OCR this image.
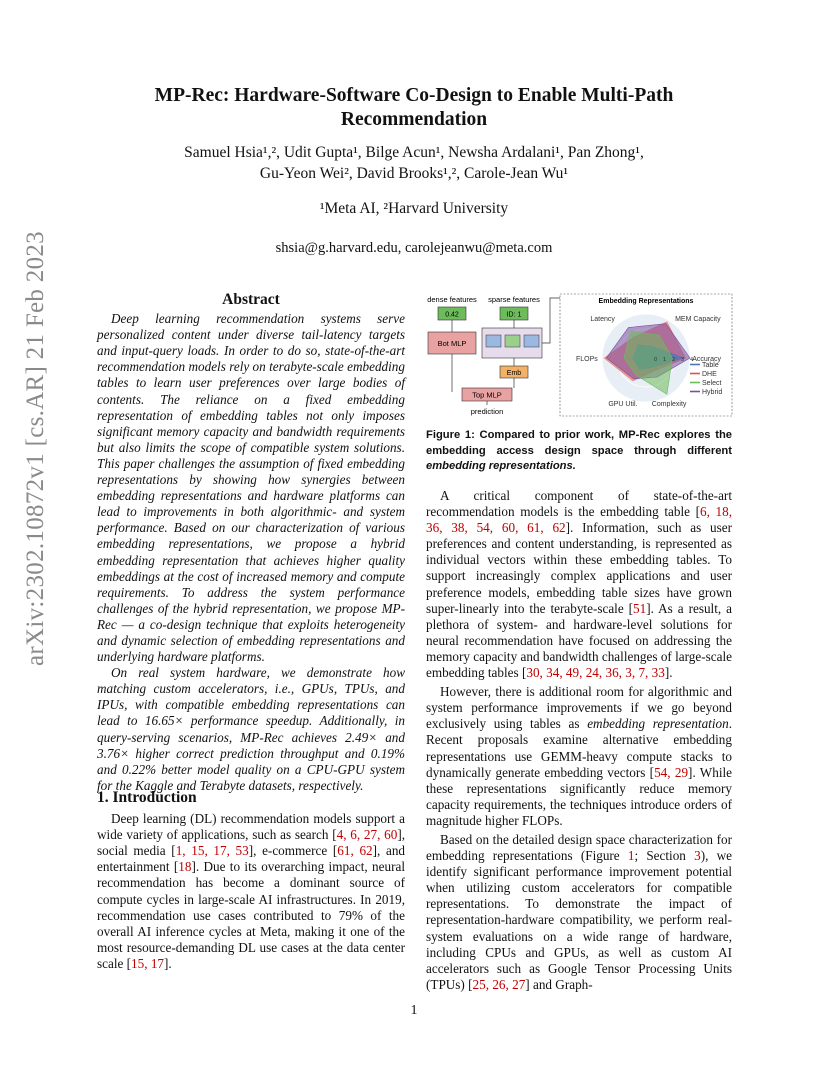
arXiv:2302.10872v1 [cs.AR] 21 Feb 2023
MP-Rec: Hardware-Software Co-Design to Enable Multi-Path
Recommendation
Samuel Hsia¹,², Udit Gupta¹, Bilge Acun¹, Newsha Ardalani¹, Pan Zhong¹,
Gu-Yeon Wei², David Brooks¹,², Carole-Jean Wu¹
¹Meta AI, ²Harvard University
shsia@g.harvard.edu, carolejeanwu@meta.com
Abstract

Deep learning recommendation systems serve personalized content under diverse tail-latency targets and input-query loads. In order to do so, state-of-the-art recommendation models rely on terabyte-scale embedding tables to learn user preferences over large bodies of contents. The reliance on a fixed embedding representation of embedding tables not only imposes significant memory capacity and bandwidth requirements but also limits the scope of compatible system solutions. This paper challenges the assumption of fixed embedding representations by showing how synergies between embedding representations and hardware platforms can lead to improvements in both algorithmic- and system performance. Based on our characterization of various embedding representations, we propose a hybrid embedding representation that achieves higher quality embeddings at the cost of increased memory and compute requirements. To address the system performance challenges of the hybrid representation, we propose MP-Rec — a co-design technique that exploits heterogeneity and dynamic selection of embedding representations and underlying hardware platforms.

On real system hardware, we demonstrate how matching custom accelerators, i.e., GPUs, TPUs, and IPUs, with compatible embedding representations can lead to 16.65× performance speedup. Additionally, in query-serving scenarios, MP-Rec achieves 2.49× and 3.76× higher correct prediction throughput and 0.19% and 0.22% better model quality on a CPU-GPU system for the Kaggle and Terabyte datasets, respectively.

1. Introduction

Deep learning (DL) recommendation models support a wide variety of applications, such as search [4, 6, 27, 60], social media [1, 15, 17, 53], e-commerce [61, 62], and entertainment [18]. Due to its overarching impact, neural recommendation has become a dominant source of compute cycles in large-scale AI infrastructures. In 2019, recommendation use cases contributed to 79% of the overall AI inference cycles at Meta, making it one of the most resource-demanding DL use cases at the data center scale [15, 17].

dense features sparse features
0.42	ID: 1
Bot MLP
Emb
Top MLP
prediction
Embedding Representations
Latency	MEM Capacity
Accuracy
Complexity
GPU Util.
FLOPs	0 1 2 3 4
Table
DHE
Select
Hybrid
Figure 1: Compared to prior work, MP-Rec explores the embedding access design space through different embedding representations.

A critical component of state-of-the-art recommendation models is the embedding table [6, 18, 36, 38, 54, 60, 61, 62]. Information, such as user preferences and content understanding, is represented as individual vectors within these embedding tables. To support increasingly complex applications and user preference models, embedding table sizes have grown super-linearly into the terabyte-scale [51]. As a result, a plethora of system- and hardware-level solutions for neural recommendation have focused on addressing the memory capacity and bandwidth challenges of large-scale embedding tables [30, 34, 49, 24, 36, 3, 7, 33].

However, there is additional room for algorithmic and system performance improvements if we go beyond exclusively using tables as embedding representation. Recent proposals examine alternative embedding representations use GEMM-heavy compute stacks to dynamically generate embedding vectors [54, 29]. While these representations significantly reduce memory capacity requirements, the techniques introduce orders of magnitude higher FLOPs.

Based on the detailed design space characterization for embedding representations (Figure 1; Section 3), we identify significant performance improvement potential when utilizing custom accelerators for compatible representations. To demonstrate the impact of representation-hardware compatibility, we perform real-system evaluations on a wide range of hardware, including CPUs and GPUs, as well as custom AI accelerators such as Google Tensor Processing Units (TPUs) [25, 26, 27] and Graph-

1
